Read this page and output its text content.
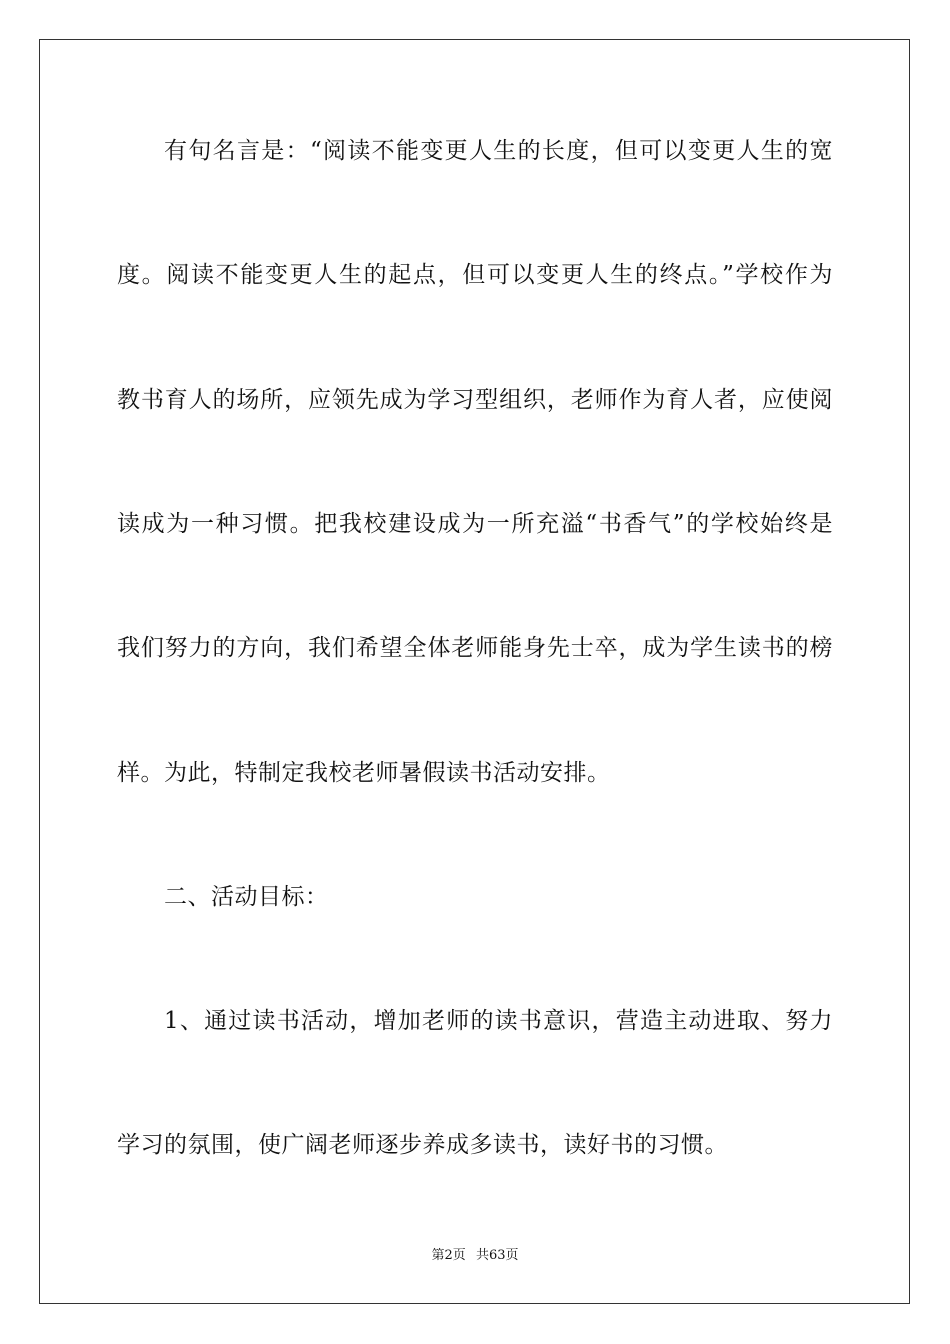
有句名言是：“阅读不能变更人生的长度，但可以变更人生的宽
度。阅读不能变更人生的起点，但可以变更人生的终点。”学校作为
教书育人的场所，应领先成为学习型组织，老师作为育人者，应使阅
读成为一种习惯。把我校建设成为一所充溢“书香气”的学校始终是
我们努力的方向，我们希望全体老师能身先士卒，成为学生读书的榜
样。为此，特制定我校老师暑假读书活动安排。
二、活动目标：
1、通过读书活动，增加老师的读书意识，营造主动进取、努力
学习的氛围，使广阔老师逐步养成多读书，读好书的习惯。
第2页 共63页
